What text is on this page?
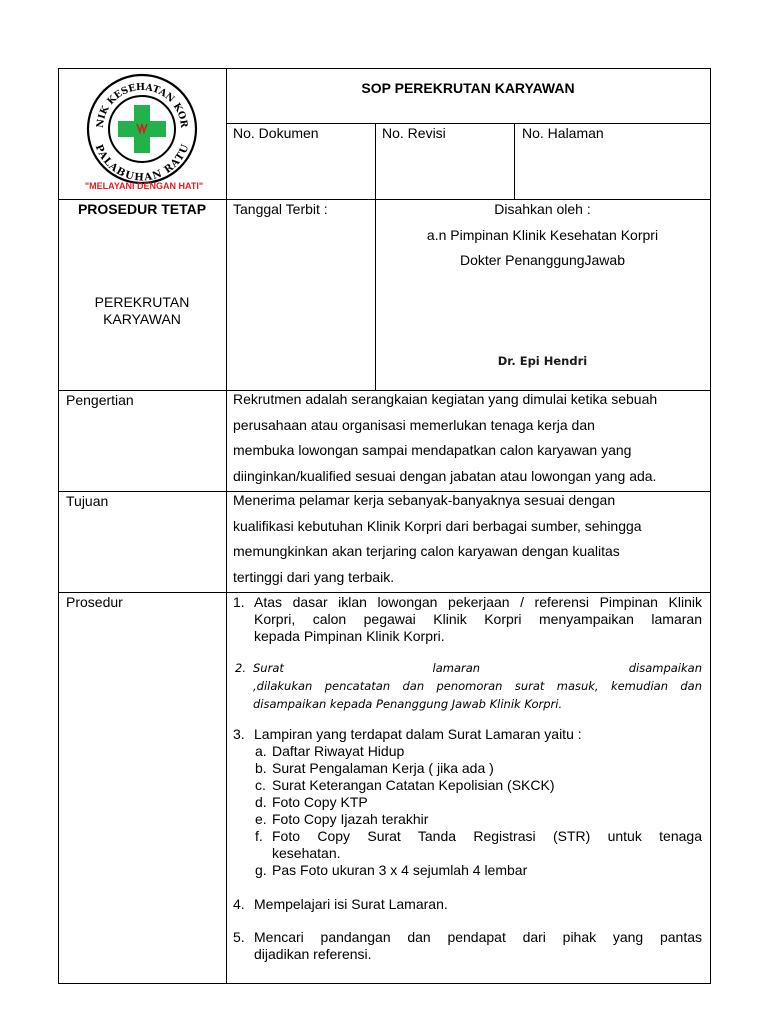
NIK KESEHATAN KOR
PALABUHAN RATU
"MELAYANI DENGAN HATI"
SOP PEREKRUTAN KARYAWAN
No. Dokumen	No. Revisi	No. Halaman
PROSEDUR TETAP
PEREKRUTAN
KARYAWAN
Tanggal Terbit :	Disahkan oleh :
a.n Pimpinan Klinik Kesehatan Korpri
Dokter PenanggungJawab
Dr. Epi Hendri
Pengertian	Rekrutmen adalah serangkaian kegiatan yang dimulai ketika sebuah
perusahaan atau organisasi memerlukan tenaga kerja dan
membuka lowongan sampai mendapatkan calon karyawan yang
diinginkan/kualified sesuai dengan jabatan atau lowongan yang ada.
Tujuan	Menerima pelamar kerja sebanyak-banyaknya sesuai dengan
kualifikasi kebutuhan Klinik Korpri dari berbagai sumber, sehingga
memungkinkan akan terjaring calon karyawan dengan kualitas
tertinggi dari yang terbaik.
Prosedur	1. Atas dasar iklan lowongan pekerjaan / referensi Pimpinan Klinik
Korpri, calon pegawai Klinik Korpri menyampaikan lamaran
kepada Pimpinan Klinik Korpri.
2. Surat lamaran disampaikan
,dilakukan pencatatan dan penomoran surat masuk, kemudian dan
disampaikan kepada Penanggung Jawab Klinik Korpri.
3. Lampiran yang terdapat dalam Surat Lamaran yaitu :
a. Daftar Riwayat Hidup
b. Surat Pengalaman Kerja ( jika ada )
c. Surat Keterangan Catatan Kepolisian (SKCK)
d. Foto Copy KTP
e. Foto Copy Ijazah terakhir
f. Foto Copy Surat Tanda Registrasi (STR) untuk tenaga
kesehatan.
g. Pas Foto ukuran 3 x 4 sejumlah 4 lembar
4. Mempelajari isi Surat Lamaran.
5. Mencari pandangan dan pendapat dari pihak yang pantas
dijadikan referensi.
